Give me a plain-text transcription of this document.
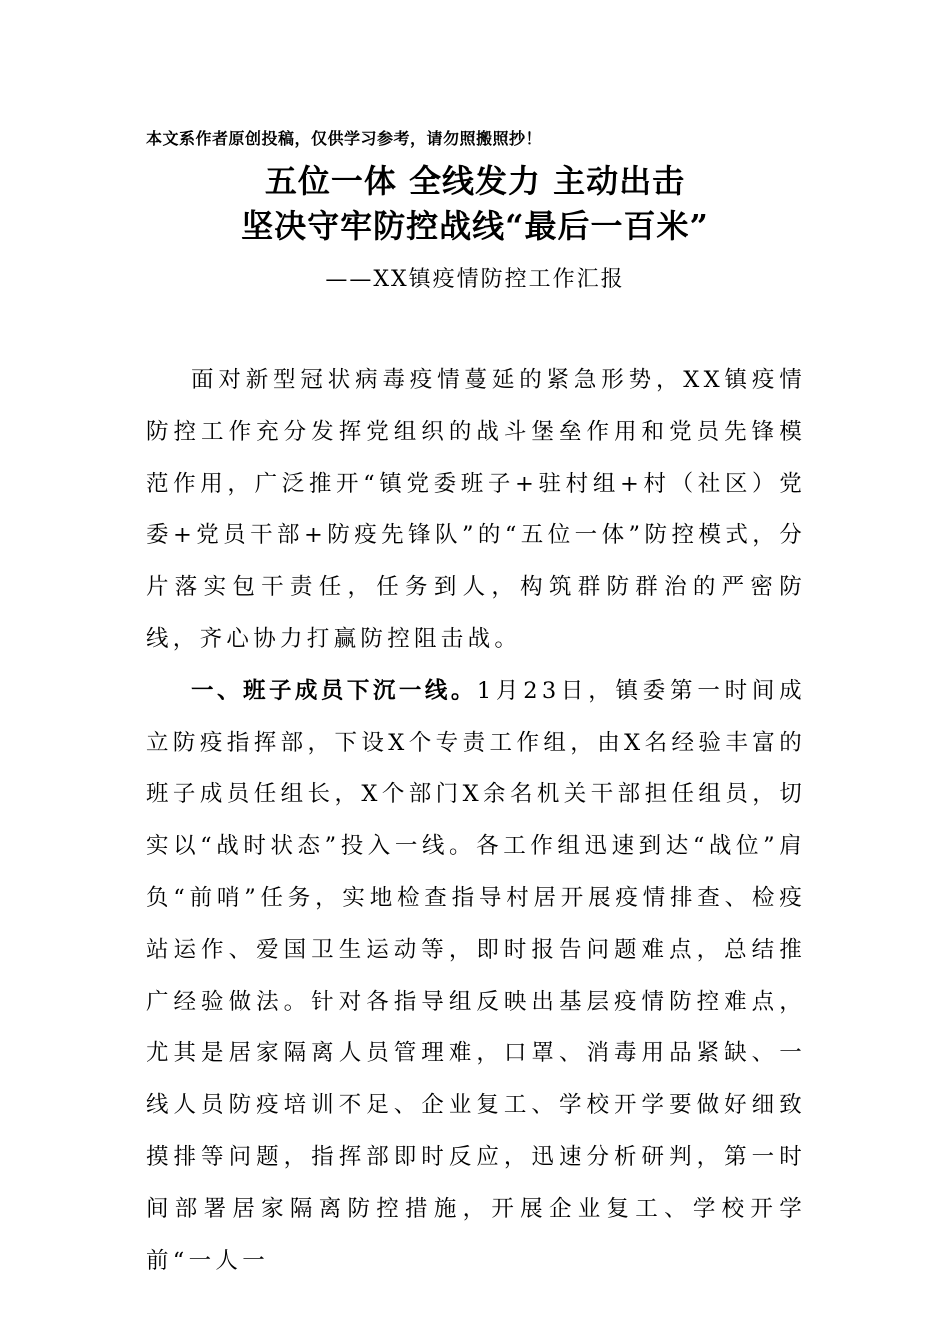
本文系作者原创投稿，仅供学习参考，请勿照搬照抄！
五位一体 全线发力 主动出击
坚决守牢防控战线“最后一百米”
——XX镇疫情防控工作汇报

面对新型冠状病毒疫情蔓延的紧急形势，XX镇疫情防控工作充分发挥党组织的战斗堡垒作用和党员先锋模范作用，广泛推开“镇党委班子+驻村组+村（社区）党委+党员干部+防疫先锋队”的“五位一体”防控模式，分片落实包干责任，任务到人，构筑群防群治的严密防线，齐心协力打赢防控阻击战。

一、班子成员下沉一线。1月23日，镇委第一时间成立防疫指挥部，下设X个专责工作组，由X名经验丰富的班子成员任组长，X个部门X余名机关干部担任组员，切实以“战时状态”投入一线。各工作组迅速到达“战位”肩负“前哨”任务，实地检查指导村居开展疫情排查、检疫站运作、爱国卫生运动等，即时报告问题难点，总结推广经验做法。针对各指导组反映出基层疫情防控难点，尤其是居家隔离人员管理难，口罩、消毒用品紧缺、一线人员防疫培训不足、企业复工、学校开学要做好细致摸排等问题，指挥部即时反应，迅速分析研判，第一时间部署居家隔离防控措施，开展企业复工、学校开学前“一人一
